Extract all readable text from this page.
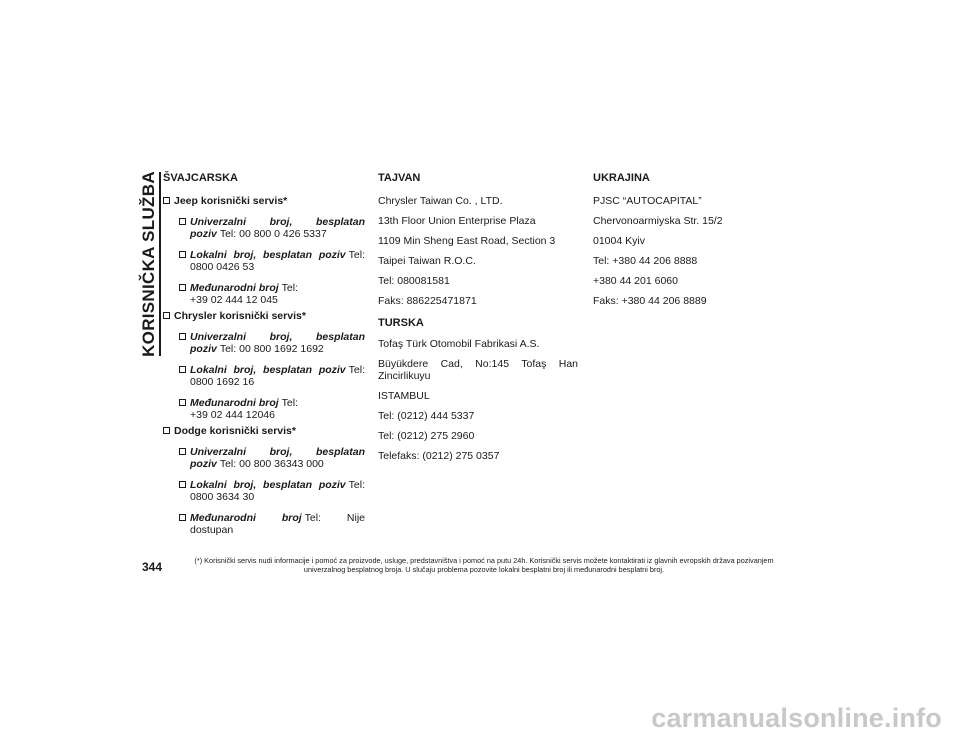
KORISNIČKA SLUŽBA ŠVAJCARSKA
Jeep korisnički servis*
Univerzalni broj, besplatan poziv Tel: 00 800 0 426 5337
Lokalni broj, besplatan poziv Tel: 0800 0426 53
Međunarodni broj Tel:
+39 02 444 12 045
Chrysler korisnički servis*
Univerzalni broj, besplatan poziv Tel: 00 800 1692 1692
Lokalni broj, besplatan poziv Tel: 0800 1692 16
Međunarodni broj Tel:
+39 02 444 12046
Dodge korisnički servis*
Univerzalni broj, besplatan poziv Tel: 00 800 36343 000
Lokalni broj, besplatan poziv Tel: 0800 3634 30
Međunarodni broj Tel: Nije dostupan
TAJVAN
Chrysler Taiwan Co. , LTD.
13th Floor Union Enterprise Plaza
1109 Min Sheng East Road, Section 3
Taipei Taiwan R.O.C.
Tel: 080081581
Faks: 886225471871
TURSKA
Tofaş Türk Otomobil Fabrikasi A.S.
Büyükdere Cad, No:145 Tofaş Han Zincirlikuyu
ISTAMBUL
Tel: (0212) 444 5337
Tel: (0212) 275 2960
Telefaks: (0212) 275 0357
UKRAJINA
PJSC “AUTOCAPITAL”
Chervonoarmiyska Str. 15/2
01004 Kyiv
Tel: +380 44 206 8888
+380 44 201 6060
Faks: +380 44 206 8889
344	(*) Korisnički servis nudi informacije i pomoć za proizvode, usluge, predstavništva i pomoć na putu 24h. Korisnički servis možete kontaktirati iz glavnih evropskih država pozivanjem univerzalnog besplatnog broja. U slučaju problema pozovite lokalni besplatni broj ili međunarodni besplatni broj.
carmanualsonline.info
